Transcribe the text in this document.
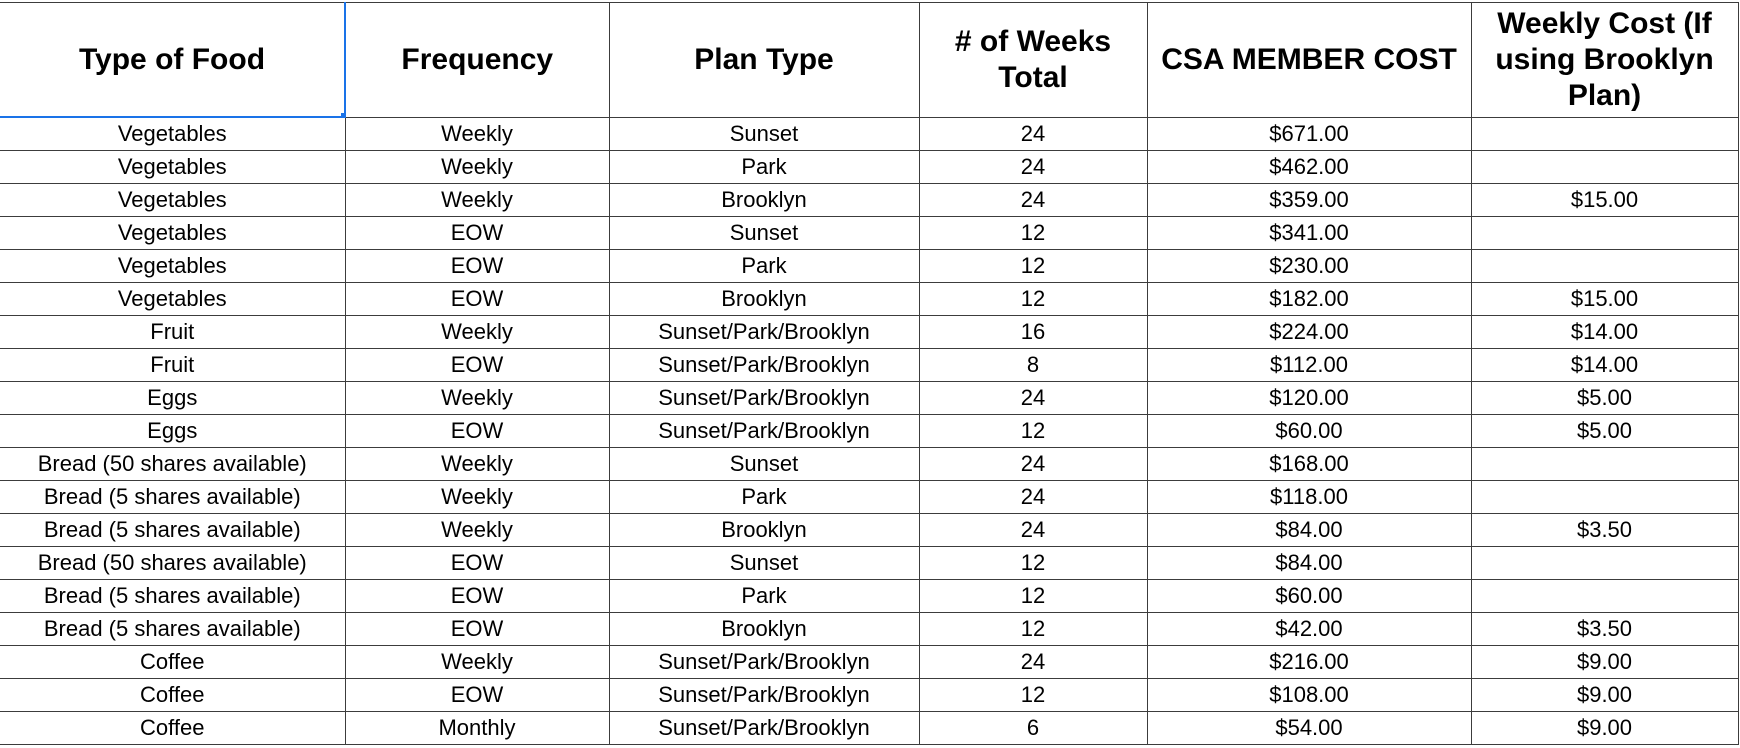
Type of Food	Frequency	Plan Type	# of Weeks Total	CSA MEMBER COST	Weekly Cost (If using Brooklyn Plan)
Vegetables	Weekly	Sunset	24	$671.00	
Vegetables	Weekly	Park	24	$462.00	
Vegetables	Weekly	Brooklyn	24	$359.00	$15.00
Vegetables	EOW	Sunset	12	$341.00	
Vegetables	EOW	Park	12	$230.00	
Vegetables	EOW	Brooklyn	12	$182.00	$15.00
Fruit	Weekly	Sunset/Park/Brooklyn	16	$224.00	$14.00
Fruit	EOW	Sunset/Park/Brooklyn	8	$112.00	$14.00
Eggs	Weekly	Sunset/Park/Brooklyn	24	$120.00	$5.00
Eggs	EOW	Sunset/Park/Brooklyn	12	$60.00	$5.00
Bread (50 shares available)	Weekly	Sunset	24	$168.00	
Bread (5 shares available)	Weekly	Park	24	$118.00	
Bread (5 shares available)	Weekly	Brooklyn	24	$84.00	$3.50
Bread (50 shares available)	EOW	Sunset	12	$84.00	
Bread (5 shares available)	EOW	Park	12	$60.00	
Bread (5 shares available)	EOW	Brooklyn	12	$42.00	$3.50
Coffee	Weekly	Sunset/Park/Brooklyn	24	$216.00	$9.00
Coffee	EOW	Sunset/Park/Brooklyn	12	$108.00	$9.00
Coffee	Monthly	Sunset/Park/Brooklyn	6	$54.00	$9.00
